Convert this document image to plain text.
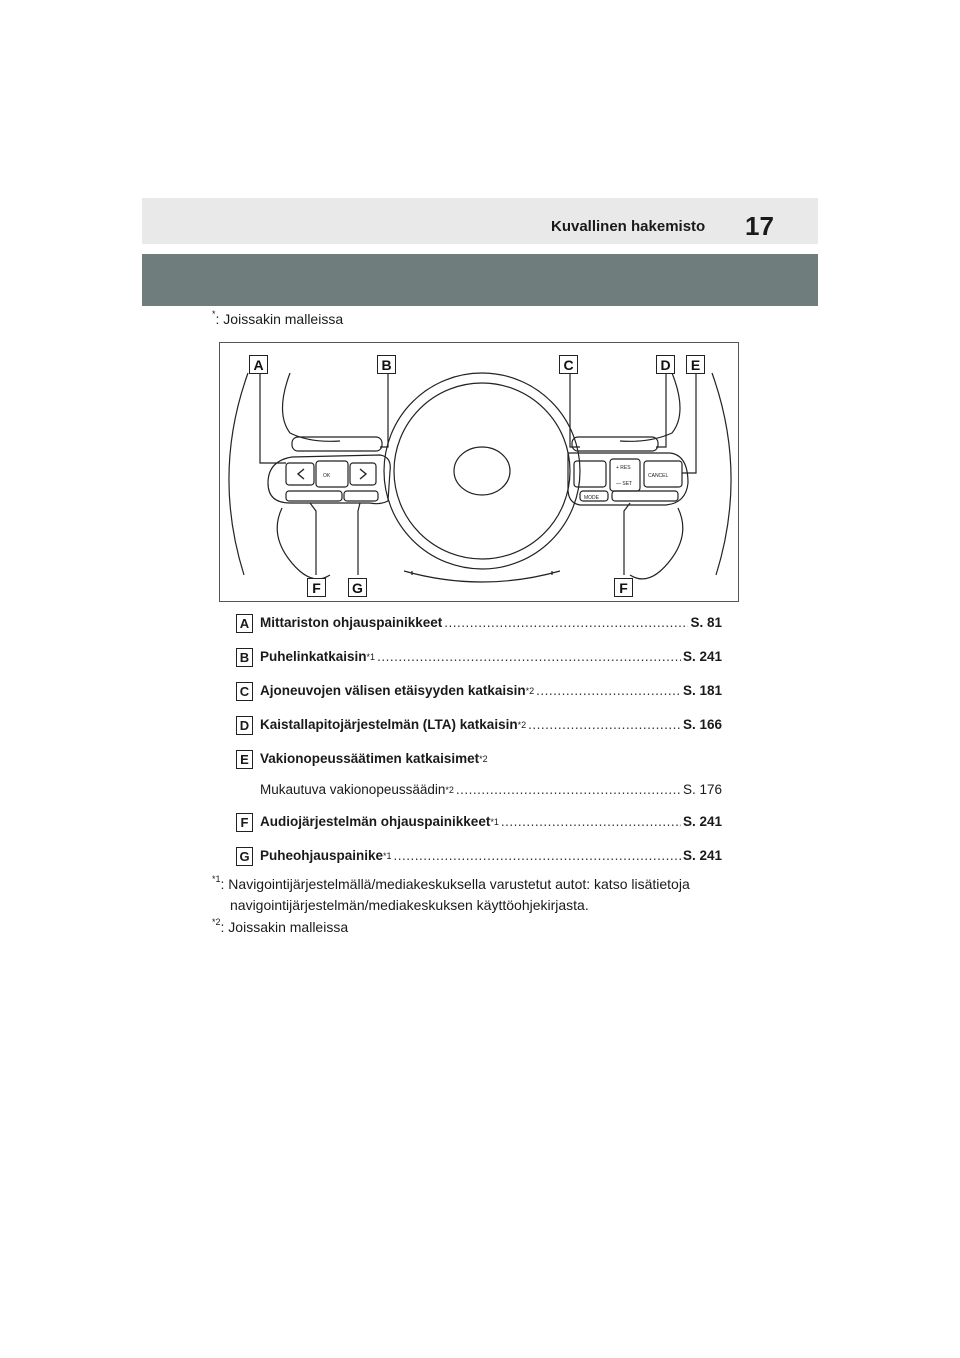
Kuvallinen hakemisto 17
*: Joissakin malleissa
OK	CANCEL
MODE
+ RES
— SET
A	B	C	D	E
F	G	F
A Mittariston ohjauspainikkeet .....	S. 81
B Puhelinkatkaisin$^{*1}$ .....	S. 241
C Ajoneuvojen välisen etäisyyden katkaisin$^{*2}$ .....	S. 181
D Kaistallapitojärjestelmän (LTA) katkaisin$^{*2}$ .....	S. 166
E Vakionopeussäätimen katkaisimet$^{*2}$
Mukautuva vakionopeussäädin$^{*2}$ .....	S. 176
F Audiojärjestelmän ohjauspainikkeet$^{*1}$ .....	S. 241
G Puheohjauspainike$^{*1}$ .....	S. 241
$^{*1}$: Navigointijärjestelmällä/mediakeskuksella varustetut autot: katso lisätietoja
navigointijärjestelmän/mediakeskuksen käyttöohjekirjasta.
$^{*2}$: Joissakin malleissa
